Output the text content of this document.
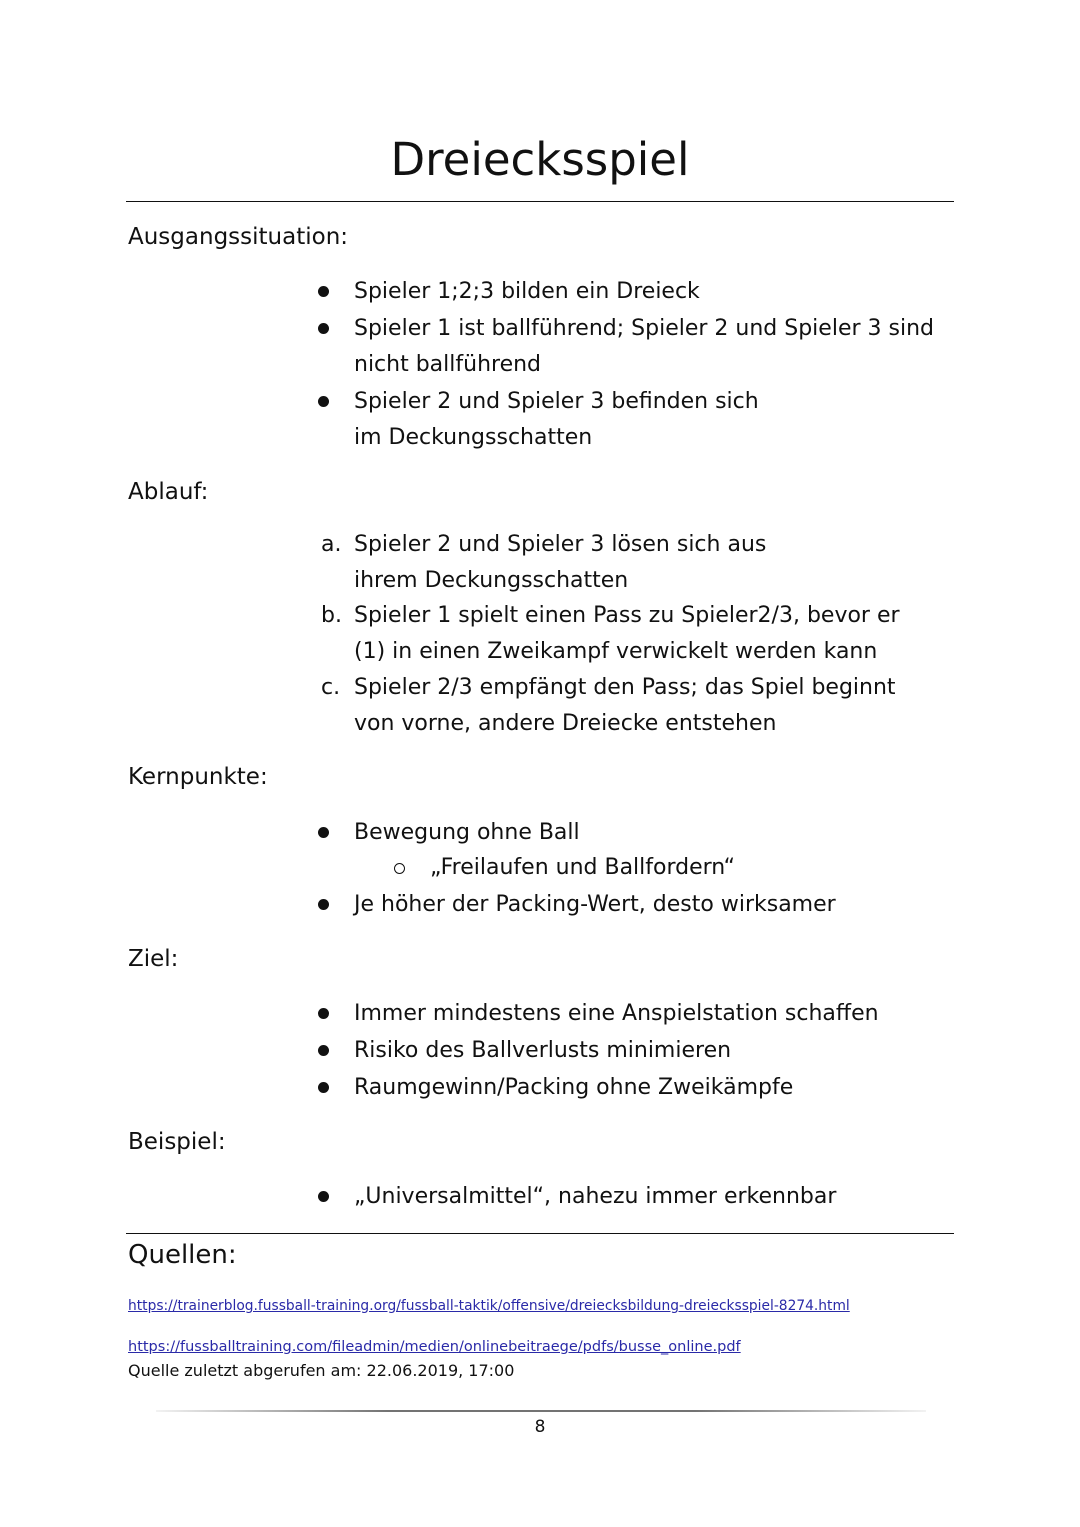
Dreiecksspiel
Ausgangssituation:
Spieler 1;2;3 bilden ein Dreieck
Spieler 1 ist ballführend; Spieler 2 und Spieler 3 sind nicht ballführend
Spieler 2 und Spieler 3 befinden sich im Deckungsschatten
Ablauf:
a. Spieler 2 und Spieler 3 lösen sich aus ihrem Deckungsschatten
b. Spieler 1 spielt einen Pass zu Spieler2/3, bevor er (1) in einen Zweikampf verwickelt werden kann
c. Spieler 2/3 empfängt den Pass; das Spiel beginnt von vorne, andere Dreiecke entstehen
Kernpunkte:
Bewegung ohne Ball
„Freilaufen und Ballfordern“
Je höher der Packing-Wert, desto wirksamer
Ziel:
Immer mindestens eine Anspielstation schaffen
Risiko des Ballverlusts minimieren
Raumgewinn/Packing ohne Zweikämpfe
Beispiel:
„Universalmittel“, nahezu immer erkennbar
Quellen:
https://trainerblog.fussball-training.org/fussball-taktik/offensive/dreiecksbildung-dreiecksspiel-8274.html
https://fussballtraining.com/fileadmin/medien/onlinebeitraege/pdfs/busse_online.pdf
Quelle zuletzt abgerufen am: 22.06.2019, 17:00
8
